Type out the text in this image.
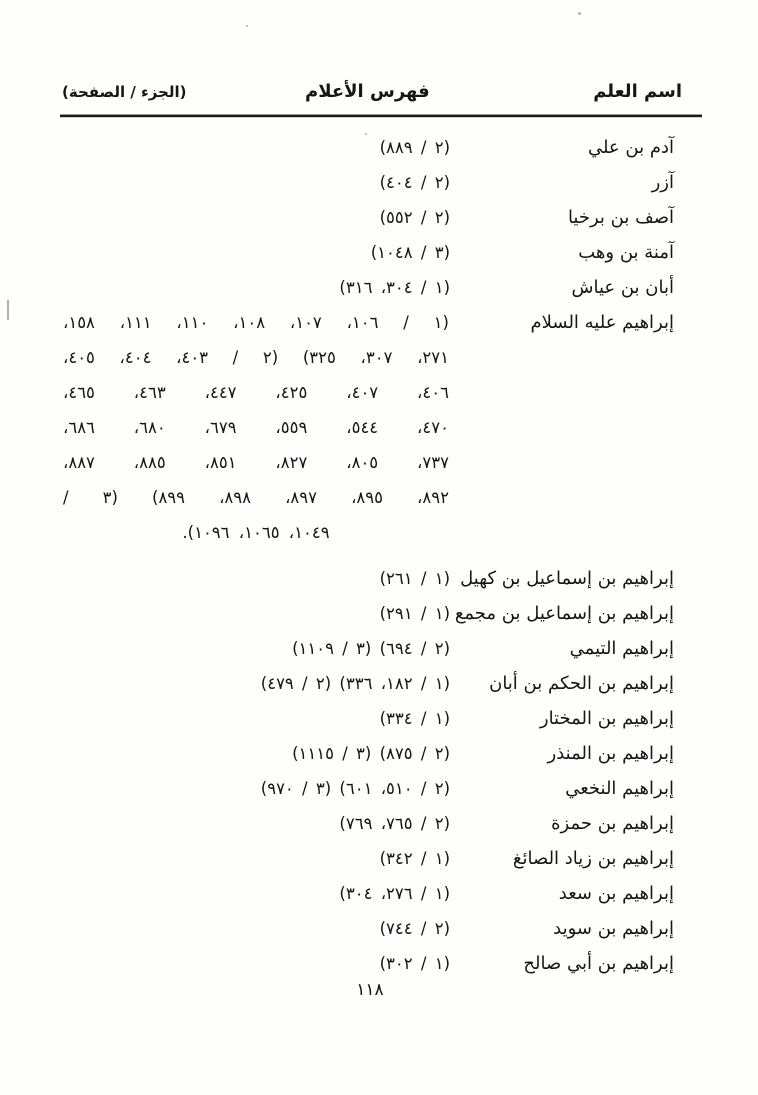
اسم العلم
فهرس الأعلام
(الجزء / الصفحة)
آدم بن علي
(٢ / ٨٨٩)
آزر
(٢ / ٤٠٤)
آصف بن برخيا
(٢ / ٥٥٢)
آمنة بن وهب
(٣ / ١٠٤٨)
أبان بن عياش
(١ / ٣٠٤، ٣١٦)
إبراهيم عليه السلام
(١ / ١٠٦، ١٠٧، ١٠٨، ١١٠، ١١١، ١٥٨،
٢٧١، ٣٠٧، ٣٢٥) (٢ / ٤٠٣، ٤٠٤، ٤٠٥،
٤٠٦، ٤٠٧، ٤٢٥، ٤٤٧، ٤٦٣، ٤٦٥،
٤٧٠، ٥٤٤، ٥٥٩، ٦٧٩، ٦٨٠، ٦٨٦،
٧٣٧، ٨٠٥، ٨٢٧، ٨٥١، ٨٨٥، ٨٨٧،
٨٩٢، ٨٩٥، ٨٩٧، ٨٩٨، ٨٩٩) (٣ /
١٠٤٩، ١٠٦٥، ١٠٩٦).
إبراهيم بن إسماعيل بن كهيل
(١ / ٢٦١)
إبراهيم بن إسماعيل بن مجمع
(١ / ٢٩١)
إبراهيم التيمي
(٢ / ٦٩٤) (٣ / ١١٠٩)
إبراهيم بن الحكم بن أبان
(١ / ١٨٢، ٣٣٦) (٢ / ٤٧٩)
إبراهيم بن المختار
(١ / ٣٣٤)
إبراهيم بن المنذر
(٢ / ٨٧٥) (٣ / ١١١٥)
إبراهيم النخعي
(٢ / ٥١٠، ٦٠١) (٣ / ٩٧٠)
إبراهيم بن حمزة
(٢ / ٧٦٥، ٧٦٩)
إبراهيم بن زياد الصائغ
(١ / ٣٤٢)
إبراهيم بن سعد
(١ / ٢٧٦، ٣٠٤)
إبراهيم بن سويد
(٢ / ٧٤٤)
إبراهيم بن أبي صالح
(١ / ٣٠٢)
١١٨
